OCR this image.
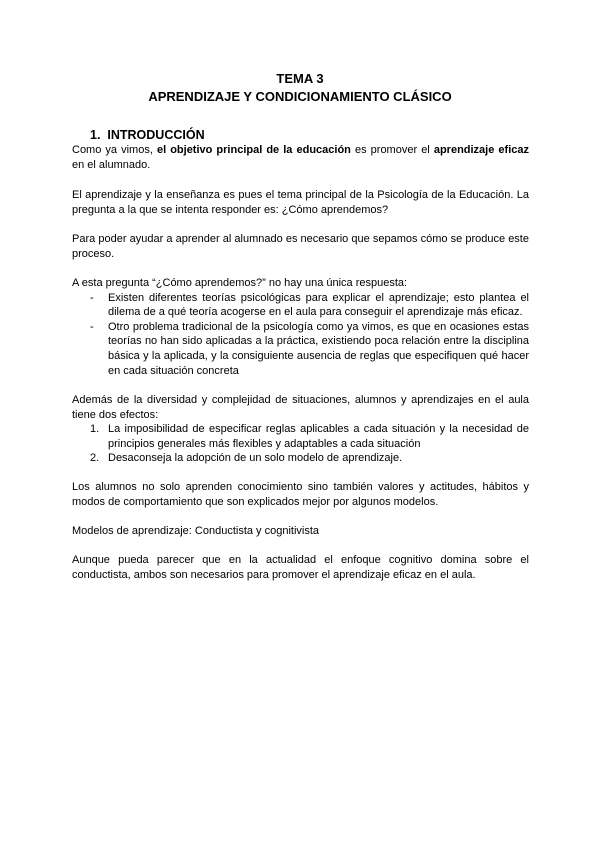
TEMA 3
APRENDIZAJE Y CONDICIONAMIENTO CLÁSICO
1. INTRODUCCIÓN

Como ya vimos, el objetivo principal de la educación es promover el aprendizaje eficaz en el alumnado.

El aprendizaje y la enseñanza es pues el tema principal de la Psicología de la Educación. La pregunta a la que se intenta responder es: ¿Cómo aprendemos?

Para poder ayudar a aprender al alumnado es necesario que sepamos cómo se produce este proceso.

A esta pregunta “¿Cómo aprendemos?” no hay una única respuesta:
- Existen diferentes teorías psicológicas para explicar el aprendizaje; esto plantea el dilema de a qué teoría acogerse en el aula para conseguir el aprendizaje más eficaz.
- Otro problema tradicional de la psicología como ya vimos, es que en ocasiones estas teorías no han sido aplicadas a la práctica, existiendo poca relación entre la disciplina básica y la aplicada, y la consiguiente ausencia de reglas que especifiquen qué hacer en cada situación concreta
Además de la diversidad y complejidad de situaciones, alumnos y aprendizajes en el aula tiene dos efectos:
1. La imposibilidad de especificar reglas aplicables a cada situación y la necesidad de principios generales más flexibles y adaptables a cada situación
2. Desaconseja la adopción de un solo modelo de aprendizaje.

Los alumnos no solo aprenden conocimiento sino también valores y actitudes, hábitos y modos de comportamiento que son explicados mejor por algunos modelos.

Modelos de aprendizaje: Conductista y cognitivista

Aunque pueda parecer que en la actualidad el enfoque cognitivo domina sobre el conductista, ambos son necesarios para promover el aprendizaje eficaz en el aula.
